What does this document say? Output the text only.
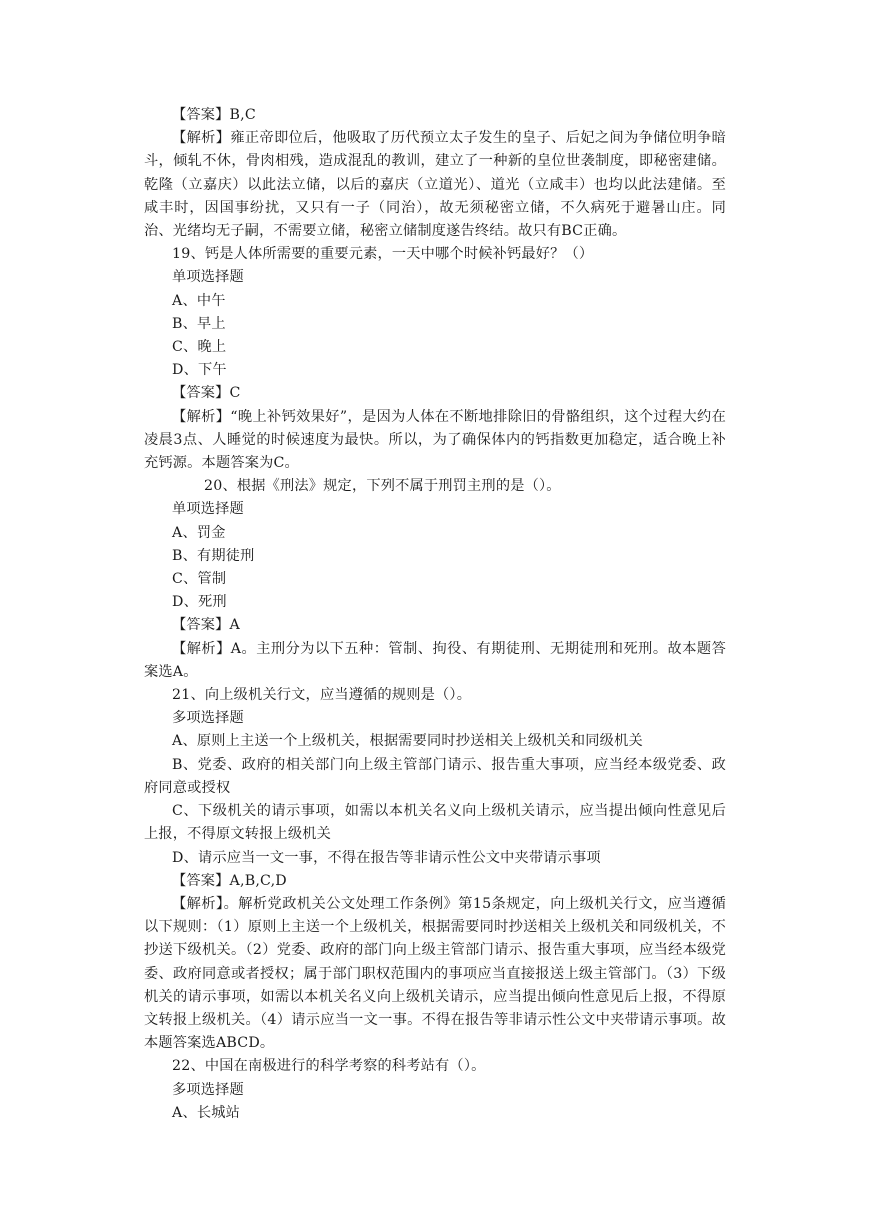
【答案】B,C

【解析】雍正帝即位后，他吸取了历代预立太子发生的皇子、后妃之间为争储位明争暗斗，倾轧不休，骨肉相残，造成混乱的教训，建立了一种新的皇位世袭制度，即秘密建储。乾隆（立嘉庆）以此法立储，以后的嘉庆（立道光）、道光（立咸丰）也均以此法建储。至咸丰时，因国事纷扰，又只有一子（同治），故无须秘密立储，不久病死于避暑山庄。同治、光绪均无子嗣，不需要立储，秘密立储制度遂告终结。故只有BC正确。

19、钙是人体所需要的重要元素，一天中哪个时候补钙最好？（）

单项选择题

A、中午

B、早上

C、晚上

D、下午

【答案】C

【解析】“晚上补钙效果好”，是因为人体在不断地排除旧的骨骼组织，这个过程大约在凌晨3点、人睡觉的时候速度为最快。所以，为了确保体内的钙指数更加稳定，适合晚上补充钙源。本题答案为C。

20、根据《刑法》规定，下列不属于刑罚主刑的是（）。

单项选择题

A、罚金

B、有期徒刑

C、管制

D、死刑

【答案】A

【解析】A。主刑分为以下五种：管制、拘役、有期徒刑、无期徒刑和死刑。故本题答案选A。

21、向上级机关行文，应当遵循的规则是（）。

多项选择题

A、原则上主送一个上级机关，根据需要同时抄送相关上级机关和同级机关

B、党委、政府的相关部门向上级主管部门请示、报告重大事项，应当经本级党委、政府同意或授权

C、下级机关的请示事项，如需以本机关名义向上级机关请示，应当提出倾向性意见后上报，不得原文转报上级机关

D、请示应当一文一事，不得在报告等非请示性公文中夹带请示事项

【答案】A,B,C,D

【解析】。解析党政机关公文处理工作条例》第15条规定，向上级机关行文，应当遵循以下规则：（1）原则上主送一个上级机关，根据需要同时抄送相关上级机关和同级机关，不抄送下级机关。（2）党委、政府的部门向上级主管部门请示、报告重大事项，应当经本级党委、政府同意或者授权；属于部门职权范围内的事项应当直接报送上级主管部门。（3）下级机关的请示事项，如需以本机关名义向上级机关请示，应当提出倾向性意见后上报，不得原文转报上级机关。（4）请示应当一文一事。不得在报告等非请示性公文中夹带请示事项。故本题答案选ABCD。

22、中国在南极进行的科学考察的科考站有（）。

多项选择题

A、长城站
